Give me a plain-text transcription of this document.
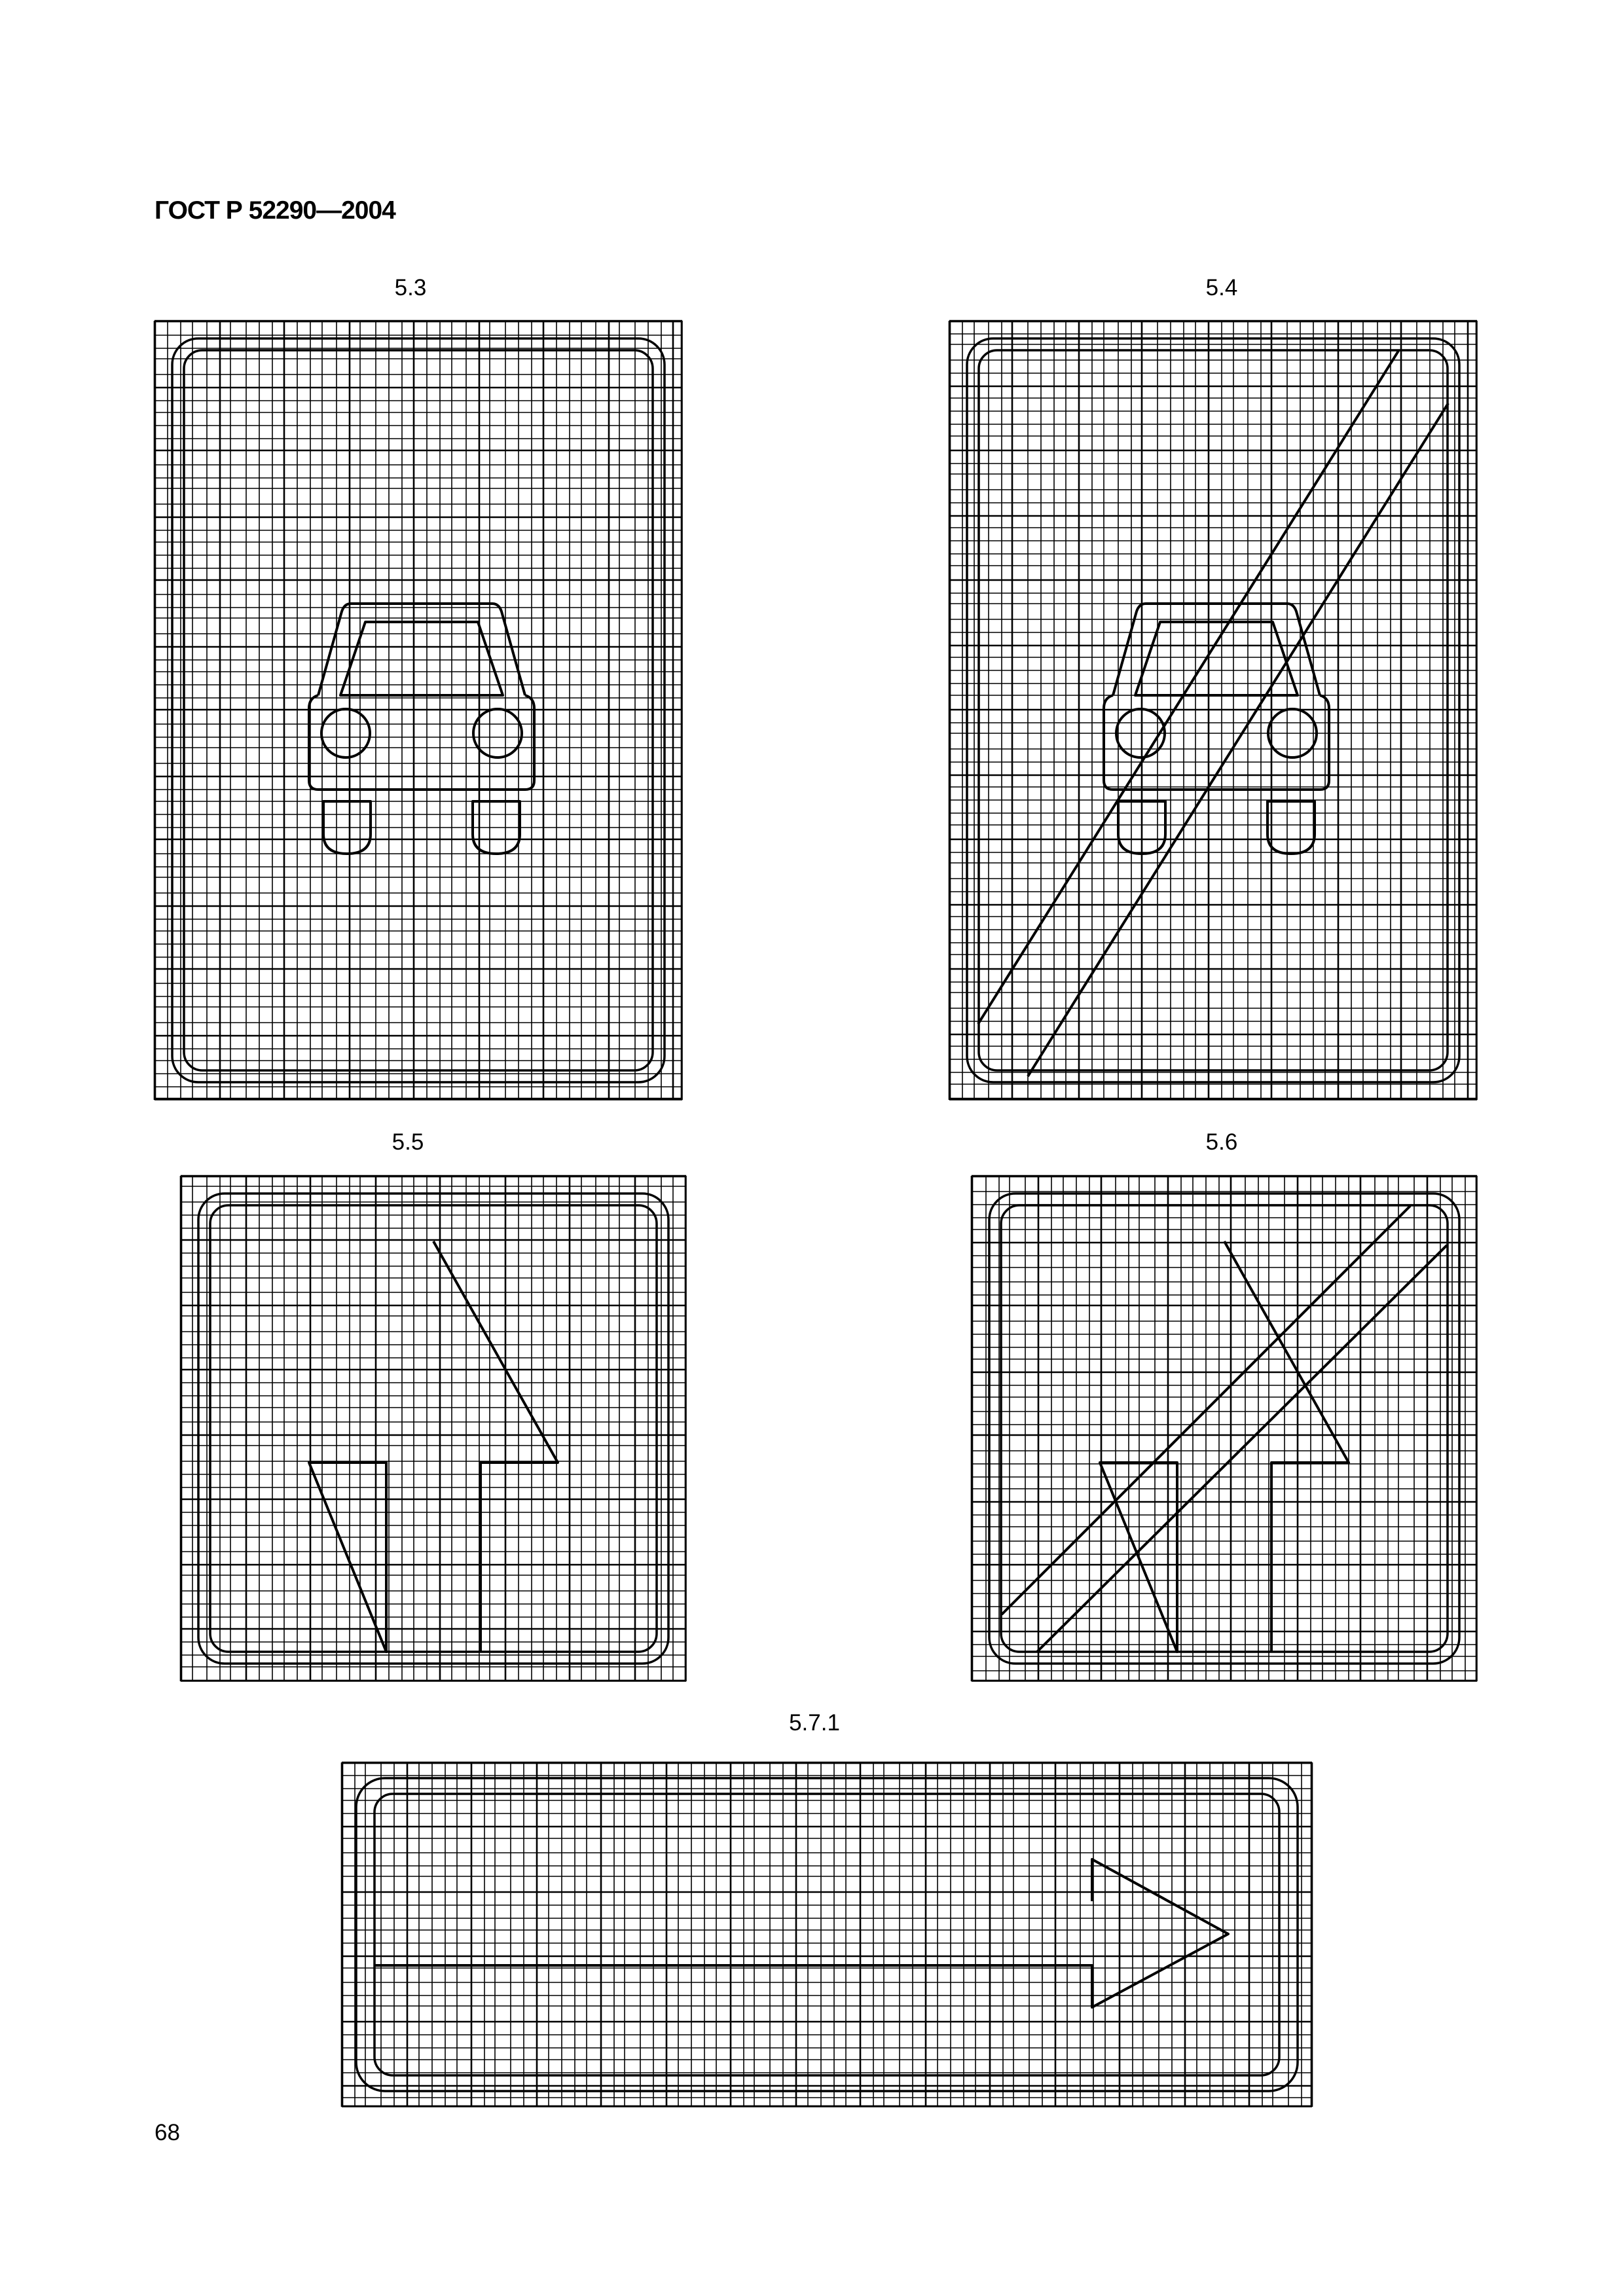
ГОСТ Р 52290—2004
5.3	5.4
5.5	5.6
5.7.1
68
